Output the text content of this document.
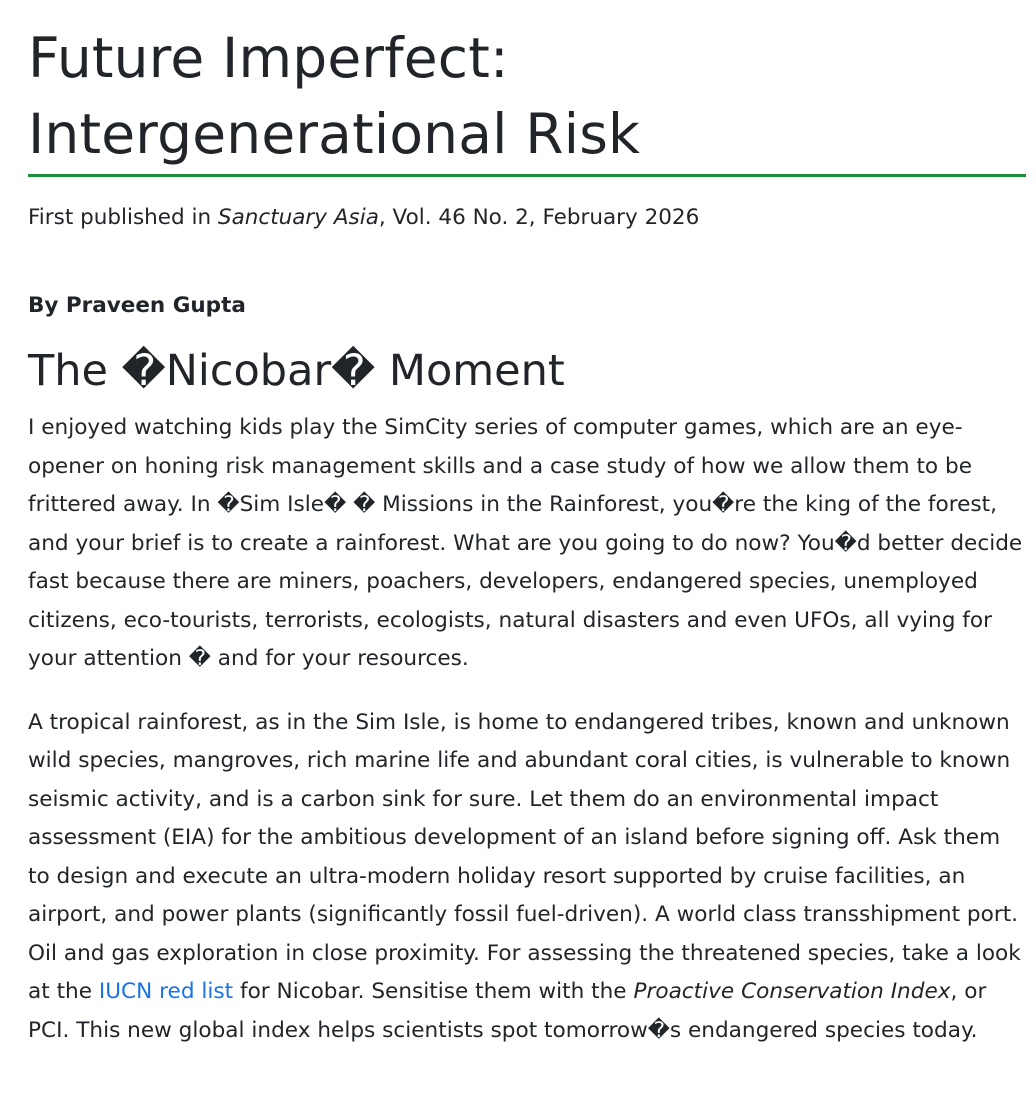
Future Imperfect:
Intergenerational Risk

First published in Sanctuary Asia, Vol. 46 No. 2, February 2026

By Praveen Gupta

The �Nicobar� Moment

I enjoyed watching kids play the SimCity series of computer games, which are an eye-opener on honing risk management skills and a case study of how we allow them to be frittered away. In �Sim Isle� � Missions in the Rainforest, you�re the king of the forest, and your brief is to create a rainforest. What are you going to do now? You�d better decide fast because there are miners, poachers, developers, endangered species, unemployed citizens, eco-tourists, terrorists, ecologists, natural disasters and even UFOs, all vying for your attention � and for your resources.

A tropical rainforest, as in the Sim Isle, is home to endangered tribes, known and unknown wild species, mangroves, rich marine life and abundant coral cities, is vulnerable to known seismic activity, and is a carbon sink for sure. Let them do an environmental impact assessment (EIA) for the ambitious development of an island before signing off. Ask them to design and execute an ultra-modern holiday resort supported by cruise facilities, an airport, and power plants (significantly fossil fuel-driven). A world class transshipment port. Oil and gas exploration in close proximity. For assessing the threatened species, take a look at the IUCN red list for Nicobar. Sensitise them with the Proactive Conservation Index, or PCI. This new global index helps scientists spot tomorrow�s endangered species today.
